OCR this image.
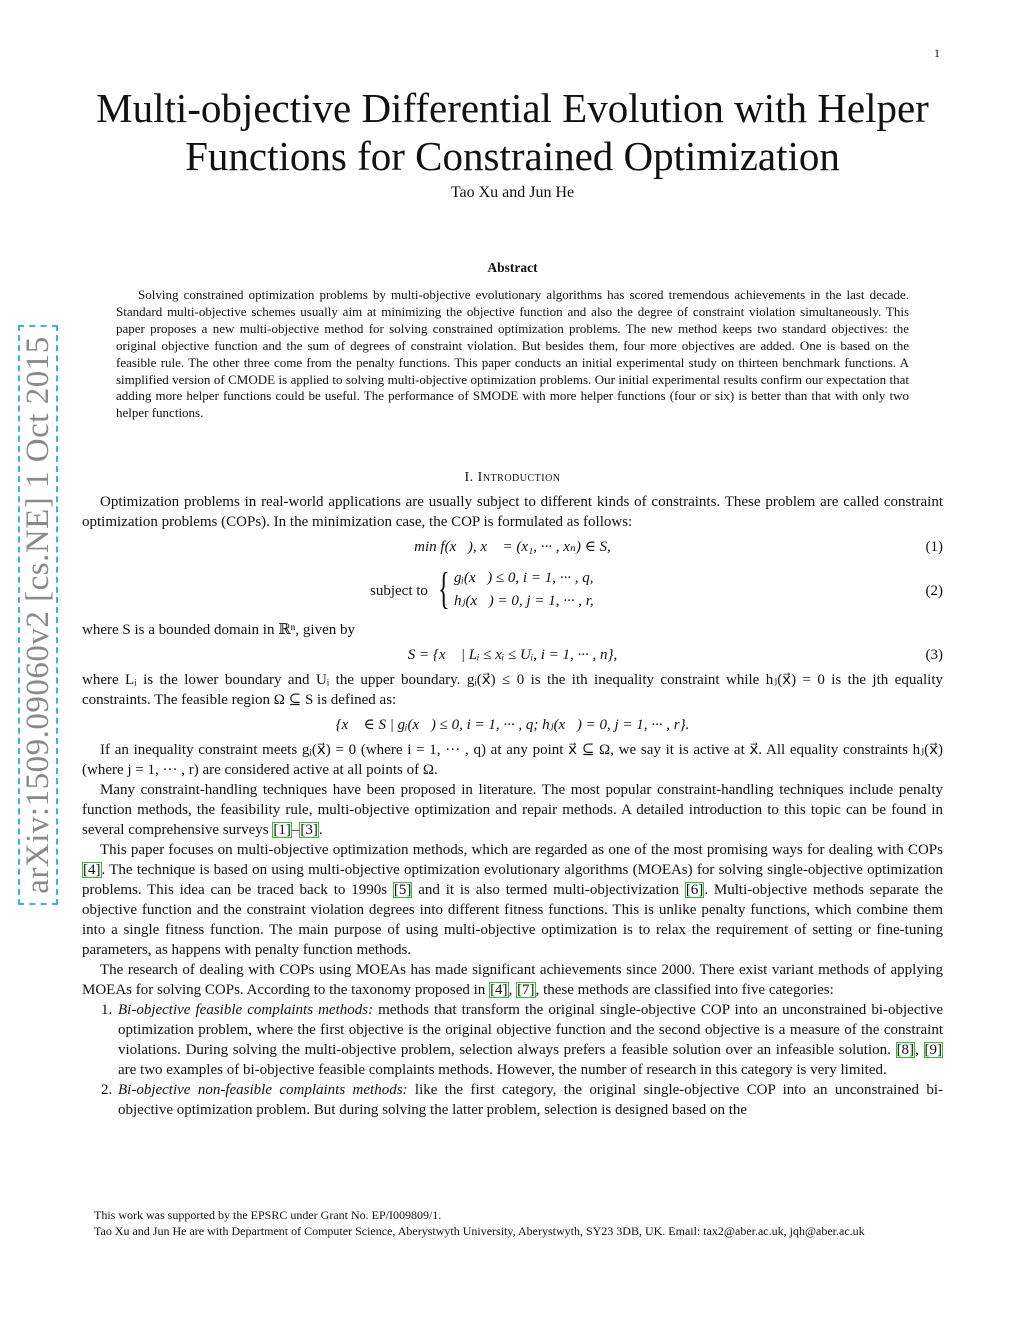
1
arXiv:1509.09060v2 [cs.NE] 1 Oct 2015
Multi-objective Differential Evolution with Helper Functions for Constrained Optimization
Tao Xu and Jun He
Abstract

Solving constrained optimization problems by multi-objective evolutionary algorithms has scored tremendous achievements in the last decade. Standard multi-objective schemes usually aim at minimizing the objective function and also the degree of constraint violation simultaneously. This paper proposes a new multi-objective method for solving constrained optimization problems. The new method keeps two standard objectives: the original objective function and the sum of degrees of constraint violation. But besides them, four more objectives are added. One is based on the feasible rule. The other three come from the penalty functions. This paper conducts an initial experimental study on thirteen benchmark functions. A simplified version of CMODE is applied to solving multi-objective optimization problems. Our initial experimental results confirm our expectation that adding more helper functions could be useful. The performance of SMODE with more helper functions (four or six) is better than that with only two helper functions.

I. Introduction

Optimization problems in real-world applications are usually subject to different kinds of constraints. These problem are called constraint optimization problems (COPs). In the minimization case, the COP is formulated as follows:

min f(x⃗), x⃗ = (x₁, ··· , xₙ) ∈ S,	(1)
subject to { gᵢ(x⃗) ≤ 0, i = 1, ··· , q,
hⱼ(x⃗) = 0, j = 1, ··· , r,
(2)

where S is a bounded domain in ℝⁿ, given by

S = {x⃗ | Lᵢ ≤ xᵢ ≤ Uᵢ, i = 1, ··· , n},	(3)

where Lᵢ is the lower boundary and Uᵢ the upper boundary. gᵢ(x⃗) ≤ 0 is the ith inequality constraint while hⱼ(x⃗) = 0 is the jth equality constraints. The feasible region Ω ⊆ S is defined as:

{x⃗ ∈ S | gᵢ(x⃗) ≤ 0, i = 1, ··· , q; hⱼ(x⃗) = 0, j = 1, ··· , r}.

If an inequality constraint meets gᵢ(x⃗) = 0 (where i = 1, ··· , q) at any point x⃗ ⊆ Ω, we say it is active at x⃗. All equality constraints hⱼ(x⃗) (where j = 1, ··· , r) are considered active at all points of Ω.

Many constraint-handling techniques have been proposed in literature. The most popular constraint-handling techniques include penalty function methods, the feasibility rule, multi-objective optimization and repair methods. A detailed introduction to this topic can be found in several comprehensive surveys [1]–[3].

This paper focuses on multi-objective optimization methods, which are regarded as one of the most promising ways for dealing with COPs [4]. The technique is based on using multi-objective optimization evolutionary algorithms (MOEAs) for solving single-objective optimization problems. This idea can be traced back to 1990s [5] and it is also termed multi-objectivization [6]. Multi-objective methods separate the objective function and the constraint violation degrees into different fitness functions. This is unlike penalty functions, which combine them into a single fitness function. The main purpose of using multi-objective optimization is to relax the requirement of setting or fine-tuning parameters, as happens with penalty function methods.

The research of dealing with COPs using MOEAs has made significant achievements since 2000. There exist variant methods of applying MOEAs for solving COPs. According to the taxonomy proposed in [4], [7], these methods are classified into five categories:

1. Bi-objective feasible complaints methods: methods that transform the original single-objective COP into an unconstrained bi-objective optimization problem, where the first objective is the original objective function and the second objective is a measure of the constraint violations. During solving the multi-objective problem, selection always prefers a feasible solution over an infeasible solution. [8], [9] are two examples of bi-objective feasible complaints methods. However, the number of research in this category is very limited.
2. Bi-objective non-feasible complaints methods: like the first category, the original single-objective COP into an unconstrained bi-objective optimization problem. But during solving the latter problem, selection is designed based on the

This work was supported by the EPSRC under Grant No. EP/I009809/1.

Tao Xu and Jun He are with Department of Computer Science, Aberystwyth University, Aberystwyth, SY23 3DB, UK. Email: tax2@aber.ac.uk, jqh@aber.ac.uk
